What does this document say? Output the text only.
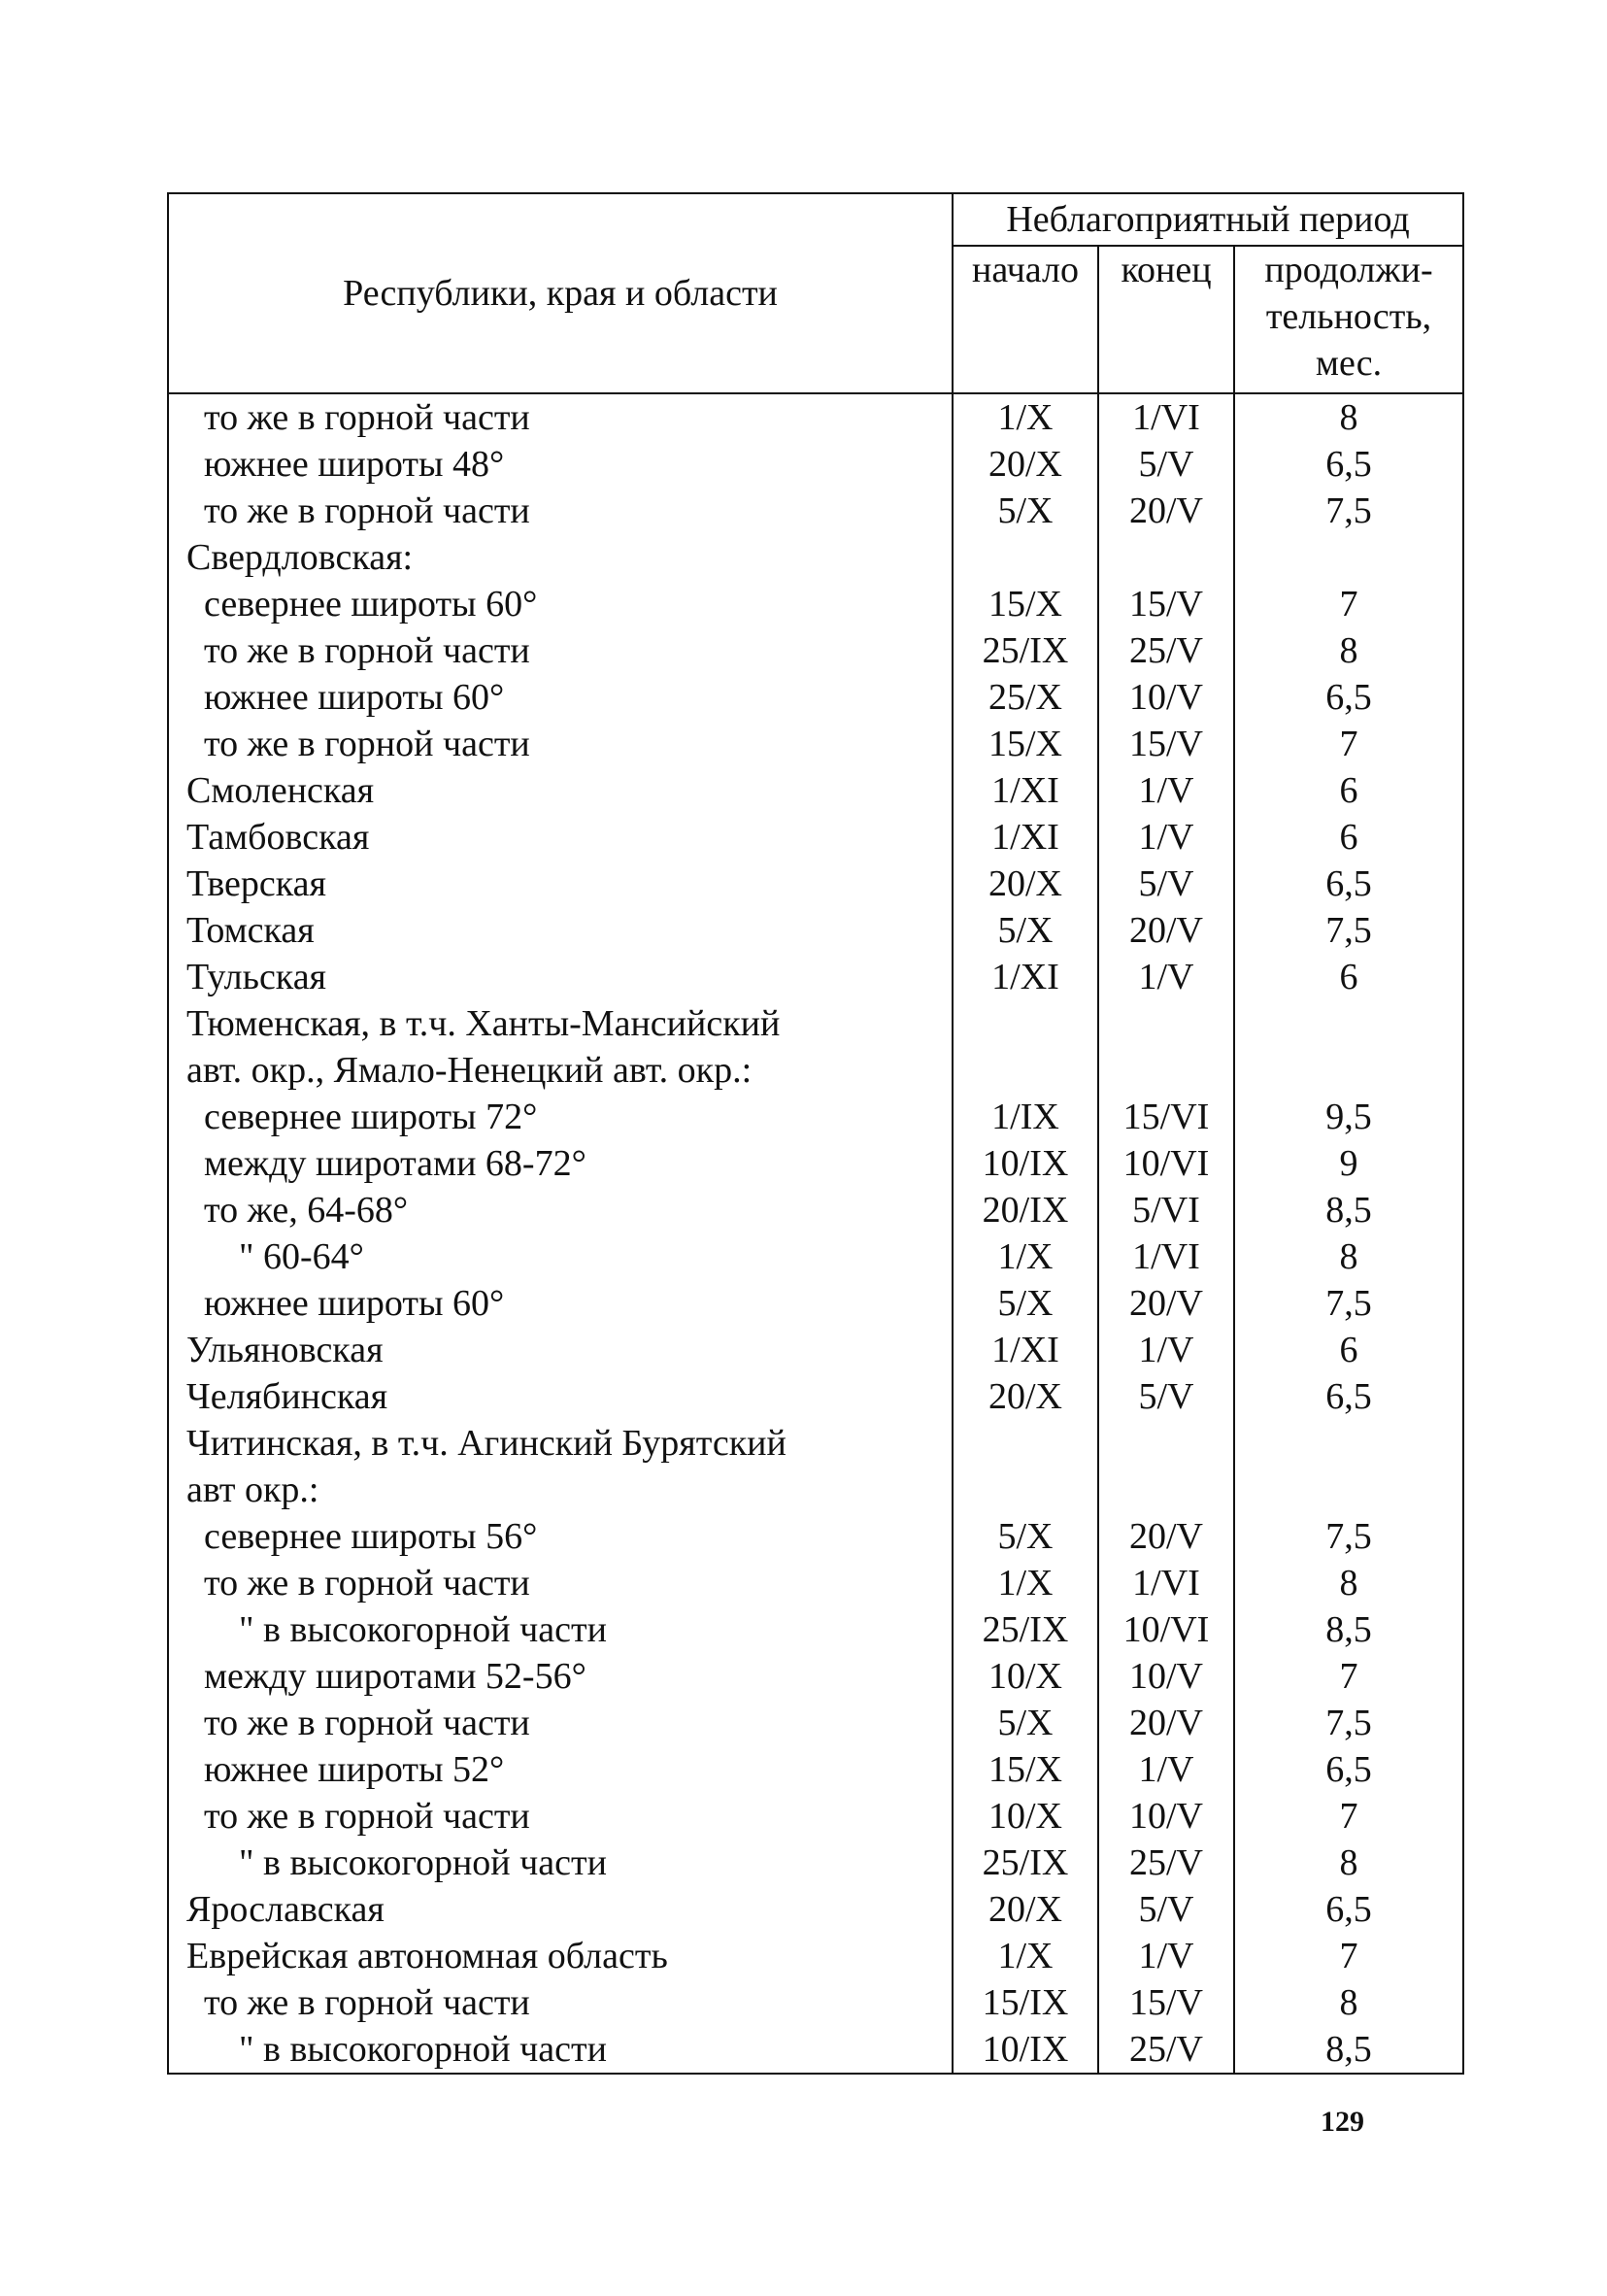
Республики, края и области	Неблагоприятный период		
	начало	конец	продолжи-
тельность,
мес.

то же в горной части	1/X	1/VI	8
южнее широты 48°	20/X	5/V	6,5
то же в горной части	5/X	20/V	7,5
Свердловская:			
севернее широты 60°	15/X	15/V	7
то же в горной части	25/IX	25/V	8
южнее широты 60°	25/X	10/V	6,5
то же в горной части	15/X	15/V	7
Смоленская	1/XI	1/V	6
Тамбовская	1/XI	1/V	6
Тверская	20/X	5/V	6,5
Томская	5/X	20/V	7,5
Тульская	1/XI	1/V	6
Тюменская, в т.ч. Ханты-Мансийский			
авт. окр., Ямало-Ненецкий авт. окр.:			
севернее широты 72°	1/IX	15/VI	9,5
между широтами 68-72°	10/IX	10/VI	9
то же, 64-68°	20/IX	5/VI	8,5
" 60-64°	1/X	1/VI	8
южнее широты 60°	5/X	20/V	7,5
Ульяновская	1/XI	1/V	6
Челябинская	20/X	5/V	6,5
Читинская, в т.ч. Агинский Бурятский			
авт окр.:			
севернее широты 56°	5/X	20/V	7,5
то же в горной части	1/X	1/VI	8
" в высокогорной части	25/IX	10/VI	8,5
между широтами 52-56°	10/X	10/V	7
то же в горной части	5/X	20/V	7,5
южнее широты 52°	15/X	1/V	6,5
то же в горной части	10/X	10/V	7
" в высокогорной части	25/IX	25/V	8
Ярославская	20/X	5/V	6,5
Еврейская автономная область	1/X	1/V	7
то же в горной части	15/IX	15/V	8
" в высокогорной части	10/IX	25/V	8,5
129
